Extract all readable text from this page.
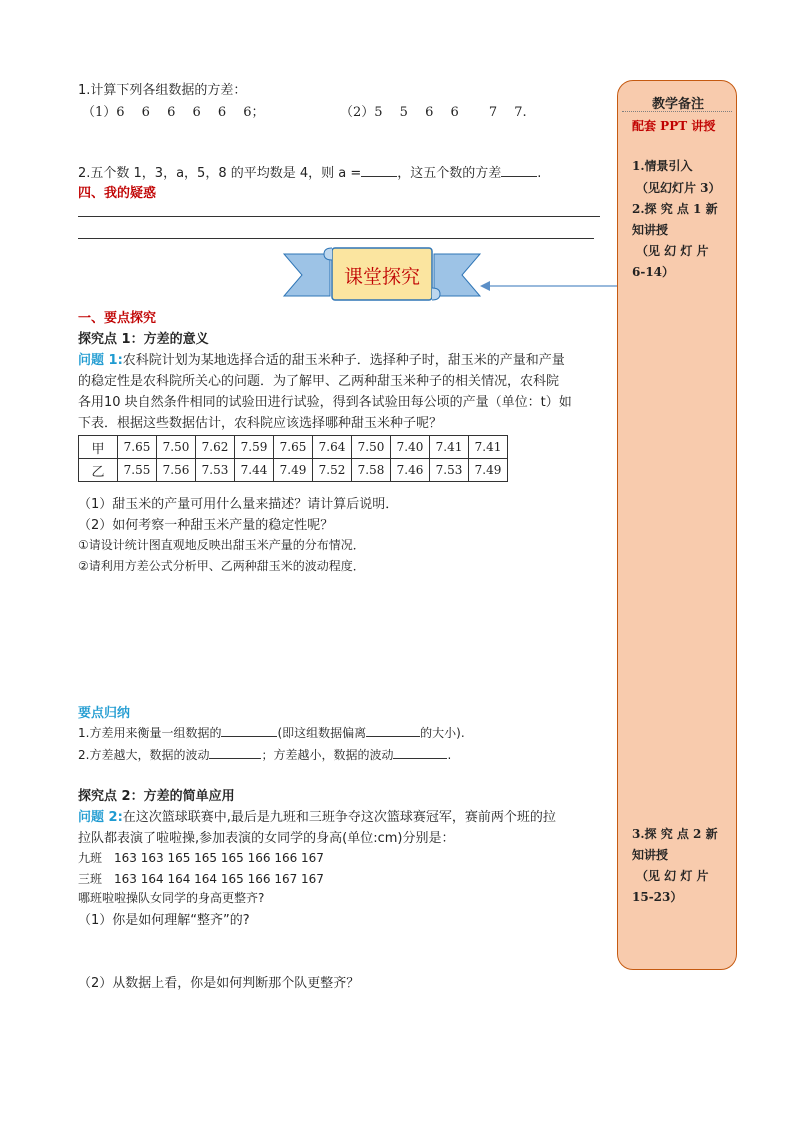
1.计算下列各组数据的方差：
（1）6　 6　 6　 6　 6　 6；	（2）5　 5　 6　 6　　 7　 7.
2.五个数 1，3，a，5，8 的平均数是 4，则 a =	，这五个数的方差	.
四、我的疑惑
课堂探究
一、要点探究
探究点 1：方差的意义
问题 1:农科院计划为某地选择合适的甜玉米种子．选择种子时，甜玉米的产量和产量
的稳定性是农科院所关心的问题．为了解甲、乙两种甜玉米种子的相关情况，农科院
各用10 块自然条件相同的试验田进行试验，得到各试验田每公顷的产量（单位：t）如
下表．根据这些数据估计，农科院应该选择哪种甜玉米种子呢？
甲	7.65	7.50	7.62	7.59	7.65	7.64	7.50	7.40	7.41	7.41
乙	7.55	7.56	7.53	7.44	7.49	7.52	7.58	7.46	7.53	7.49
（1）甜玉米的产量可用什么量来描述？请计算后说明．
（2）如何考察一种甜玉米产量的稳定性呢？
①请设计统计图直观地反映出甜玉米产量的分布情况．
②请利用方差公式分析甲、乙两种甜玉米的波动程度．
要点归纳
1.方差用来衡量一组数据的	(即这组数据偏离	的大小).
2.方差越大，数据的波动	；方差越小，数据的波动	.
探究点 2：方差的简单应用
问题 2:在这次篮球联赛中,最后是九班和三班争夺这次篮球赛冠军，赛前两个班的拉
拉队都表演了啦啦操,参加表演的女同学的身高(单位:cm)分别是：
九班　163 163 165 165 165 166 166 167
三班　163 164 164 164 165 166 167 167
哪班啦啦操队女同学的身高更整齐?
（1）你是如何理解“整齐”的?
（2）从数据上看，你是如何判断那个队更整齐？
教学备注
配套 PPT 讲授
1.情景引入
（见幻灯片 3）
2.探 究 点 1 新
知讲授
（见 幻 灯 片
6-14）
3.探 究 点 2 新
知讲授
（见 幻 灯 片
15-23）
